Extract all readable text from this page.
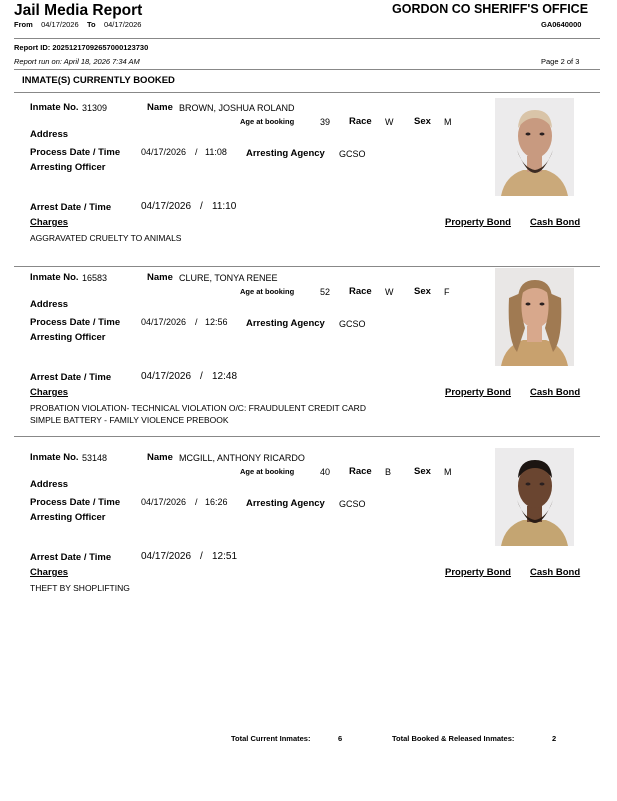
Jail Media Report	GORDON CO SHERIFF'S OFFICE
GA0640000
From 04/17/2026 To 04/17/2026
Report ID: 20251217092657000123730
Report run on: April 18, 2026 7:34 AM	Page 2 of 3
INMATE(S) CURRENTLY BOOKED
Inmate No. 31309	Name BROWN, JOSHUA ROLAND
Age at booking	39 Race W Sex M
Address
Process Date / Time 04/17/2026 / 11:08 Arresting Agency GCSO
Arresting Officer
Arrest Date / Time	04/17/2026 / 11:10
Charges	Property Bond Cash Bond
AGGRAVATED CRUELTY TO ANIMALS
Inmate No. 16583	Name CLURE, TONYA RENEE
Age at booking	52 Race W Sex F
Address
Process Date / Time 04/17/2026 / 12:56 Arresting Agency GCSO
Arresting Officer
Arrest Date / Time	04/17/2026 / 12:48
Charges	Property Bond Cash Bond
PROBATION VIOLATION- TECHNICAL VIOLATION O/C: FRAUDULENT CREDIT CARD
SIMPLE BATTERY - FAMILY VIOLENCE PREBOOK
Inmate No. 53148	Name MCGILL, ANTHONY RICARDO
Age at booking	40 Race B Sex M
Address
Process Date / Time 04/17/2026 / 16:26 Arresting Agency GCSO
Arresting Officer
Arrest Date / Time	04/17/2026 / 12:51
Charges	Property Bond Cash Bond
THEFT BY SHOPLIFTING
Total Current Inmates:	6	Total Booked & Released Inmates:	2
